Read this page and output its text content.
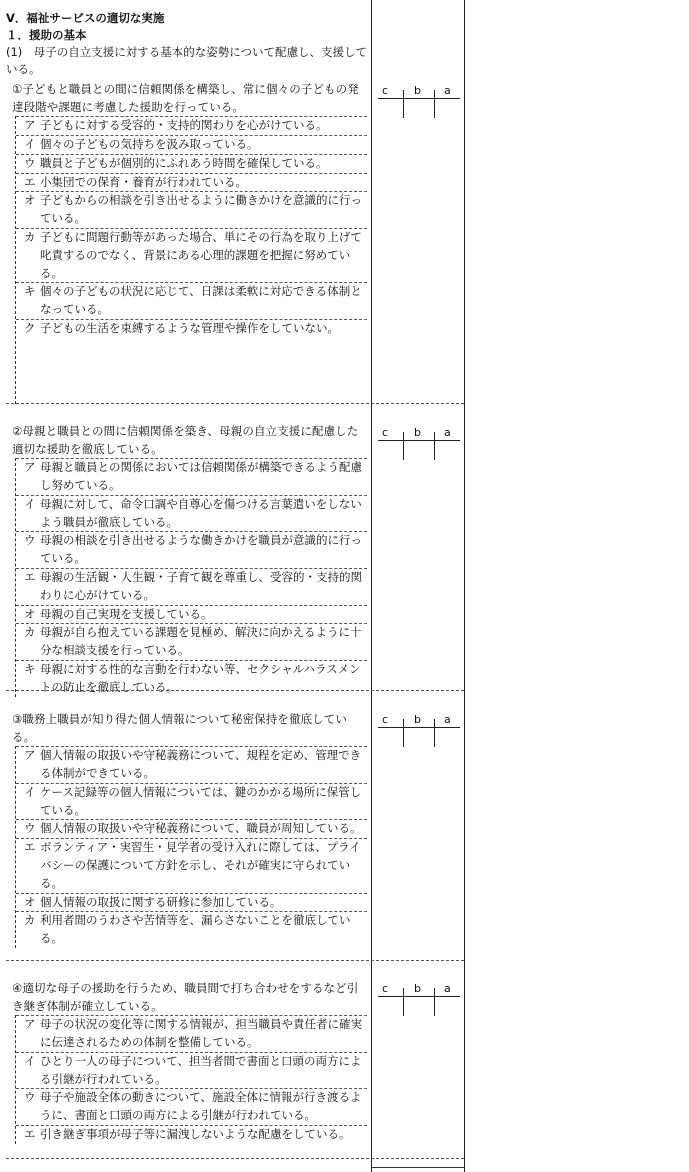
Ⅴ．福祉サービスの適切な実施
１．援助の基本
(1)　母子の自立支援に対する基本的な姿勢について配慮し、支援している。
①子どもと職員との間に信頼関係を構築し、常に個々の子どもの発達段階や課題に考慮した援助を行っている。
ア 子どもに対する受容的・支持的関わりを心がけている。
イ 個々の子どもの気持ちを汲み取っている。
ウ 職員と子どもが個別的にふれあう時間を確保している。
エ 小集団での保育・養育が行われている。
オ 子どもからの相談を引き出せるように働きかけを意識的に行っている。
カ 子どもに問題行動等があった場合、単にその行為を取り上げて叱責するのでなく、背景にある心理的課題を把握に努めている。
キ 個々の子どもの状況に応じて、日課は柔軟に対応できる体制となっている。
ク 子どもの生活を束縛するような管理や操作をしていない。
c b a
②母親と職員との間に信頼関係を築き、母親の自立支援に配慮した適切な援助を徹底している。
ア 母親と職員との関係においては信頼関係が構築できるよう配慮し努めている。
イ 母親に対して、命令口調や自尊心を傷つける言葉遣いをしないよう職員が徹底している。
ウ 母親の相談を引き出せるような働きかけを職員が意識的に行っている。
エ 母親の生活観・人生観・子育て観を尊重し、受容的・支持的関わりに心がけている。
オ 母親の自己実現を支援している。
カ 母親が自ら抱えている課題を見極め、解決に向かえるように十分な相談支援を行っている。
キ 母親に対する性的な言動を行わない等、セクシャルハラスメントの防止を徹底している。
c b a
③職務上職員が知り得た個人情報について秘密保持を徹底している。
ア 個人情報の取扱いや守秘義務について、規程を定め、管理できる体制ができている。
イ ケース記録等の個人情報については、鍵のかかる場所に保管している。
ウ 個人情報の取扱いや守秘義務について、職員が周知している。
エ ボランティア・実習生・見学者の受け入れに際しては、プライバシーの保護について方針を示し、それが確実に守られている。
オ 個人情報の取扱に関する研修に参加している。
カ 利用者間のうわさや苦情等を、漏らさないことを徹底している。
c b a
④適切な母子の援助を行うため、職員間で打ち合わせをするなど引き継ぎ体制が確立している。
ア 母子の状況の変化等に関する情報が、担当職員や責任者に確実に伝達されるための体制を整備している。
イ ひとり一人の母子について、担当者間で書面と口頭の両方による引継が行われている。
ウ 母子や施設全体の動きについて、施設全体に情報が行き渡るように、書面と口頭の両方による引継が行われている。
エ 引き継ぎ事項が母子等に漏洩しないような配慮をしている。
c b a
